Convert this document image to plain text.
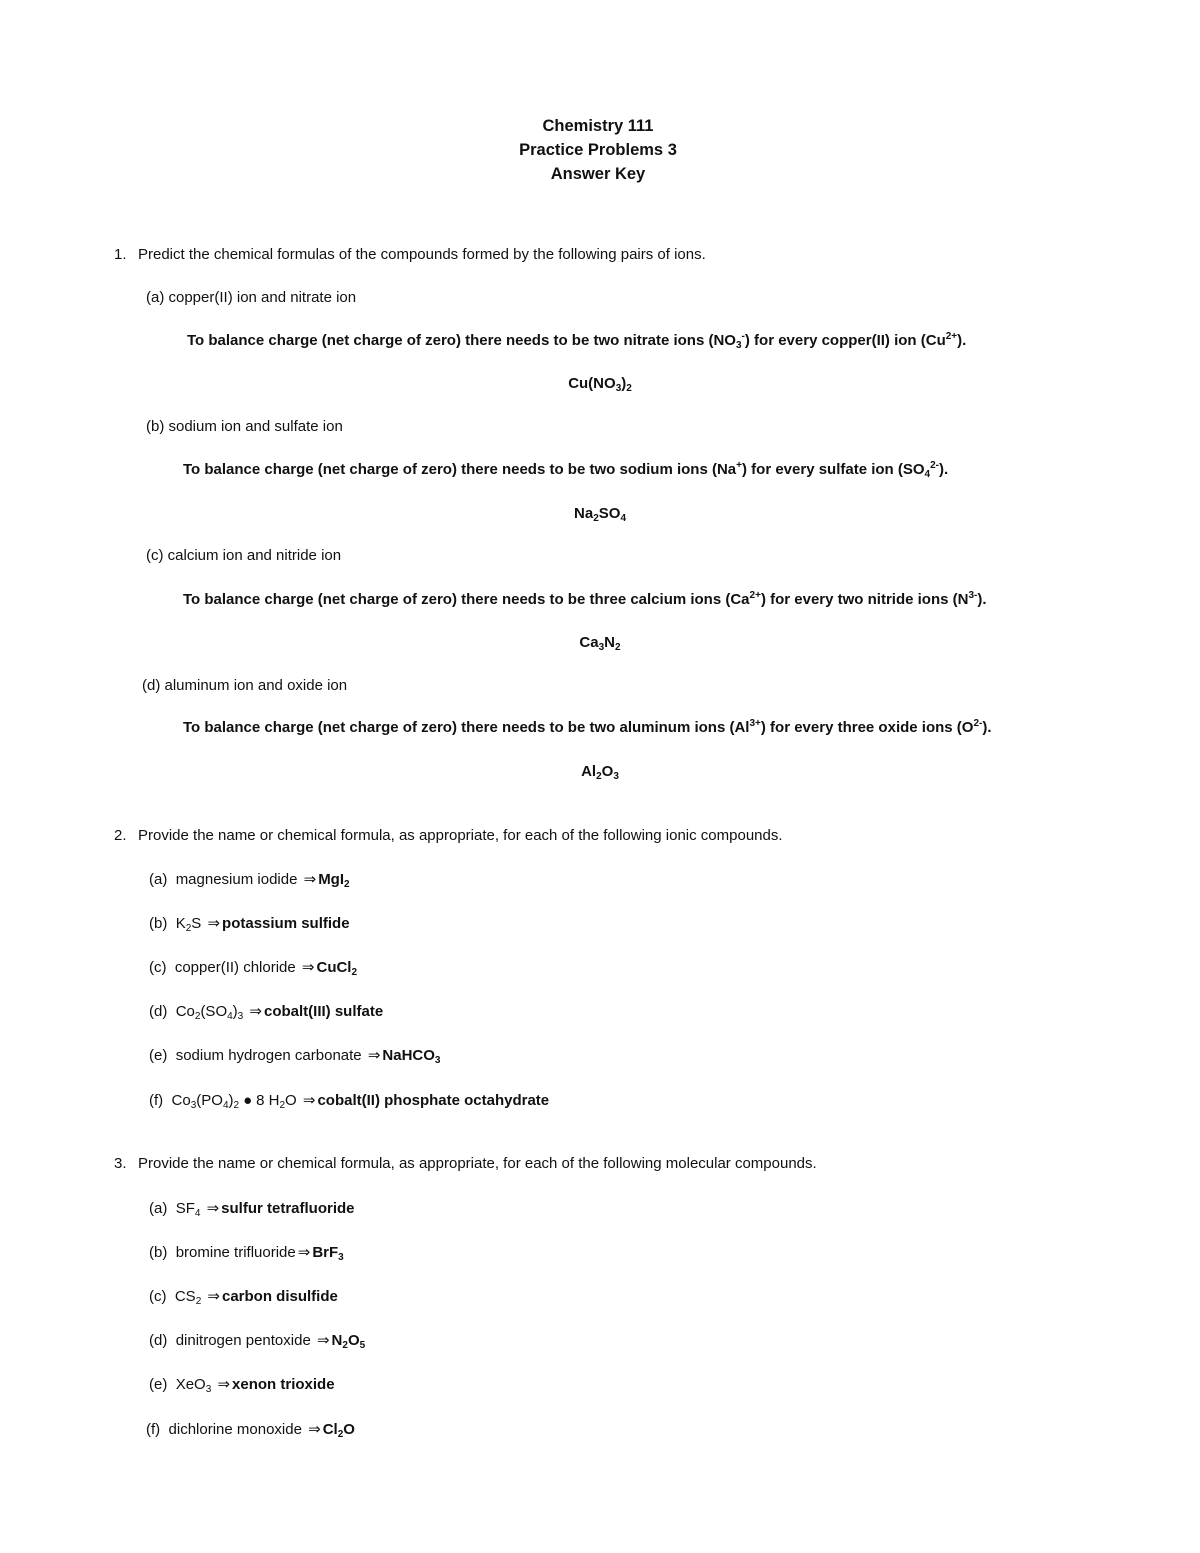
Chemistry 111
Practice Problems 3
Answer Key
1. Predict the chemical formulas of the compounds formed by the following pairs of ions.
(a) copper(II) ion and nitrate ion
To balance charge (net charge of zero) there needs to be two nitrate ions $(NO_3^-)$ for every copper(II) ion $(Cu^{2+})$.
$Cu(NO_3)_2$
(b) sodium ion and sulfate ion
To balance charge (net charge of zero) there needs to be two sodium ions (Na+) for every sulfate ion $(SO_4^{2-})$.
$Na_2SO_4$
(c) calcium ion and nitride ion
To balance charge (net charge of zero) there needs to be three calcium ions $(Ca^{2+})$ for every two nitride ions $(N^{3-})$.
$Ca_3N_2$
(d) aluminum ion and oxide ion
To balance charge (net charge of zero) there needs to be two aluminum ions $(Al^{3+})$ for every three oxide ions $(O^{2-})$.
$Al_2O_3$
2. Provide the name or chemical formula, as appropriate, for each of the following ionic compounds.
(a) magnesium iodide ⇒ MgI$_2$
(b) $K_2S$ ⇒ potassium sulfide
(c) copper(II) chloride ⇒ CuCl$_2$
(d) $Co_2(SO_4)_3$ ⇒ cobalt(III) sulfate
(e) sodium hydrogen carbonate ⇒ NaHCO$_3$
(f) $Co_3(PO_4)_2$ ● 8 $H_2O$ ⇒ cobalt(II) phosphate octahydrate
3. Provide the name or chemical formula, as appropriate, for each of the following molecular compounds.
(a) $SF_4$ ⇒ sulfur tetrafluoride
(b) bromine trifluoride ⇒ BrF$_3$
(c) $CS_2$ ⇒ carbon disulfide
(d) dinitrogen pentoxide ⇒ $N_2O_5$
(e) XeO$_3$ ⇒ xenon trioxide
(f) dichlorine monoxide ⇒ $Cl_2O$
